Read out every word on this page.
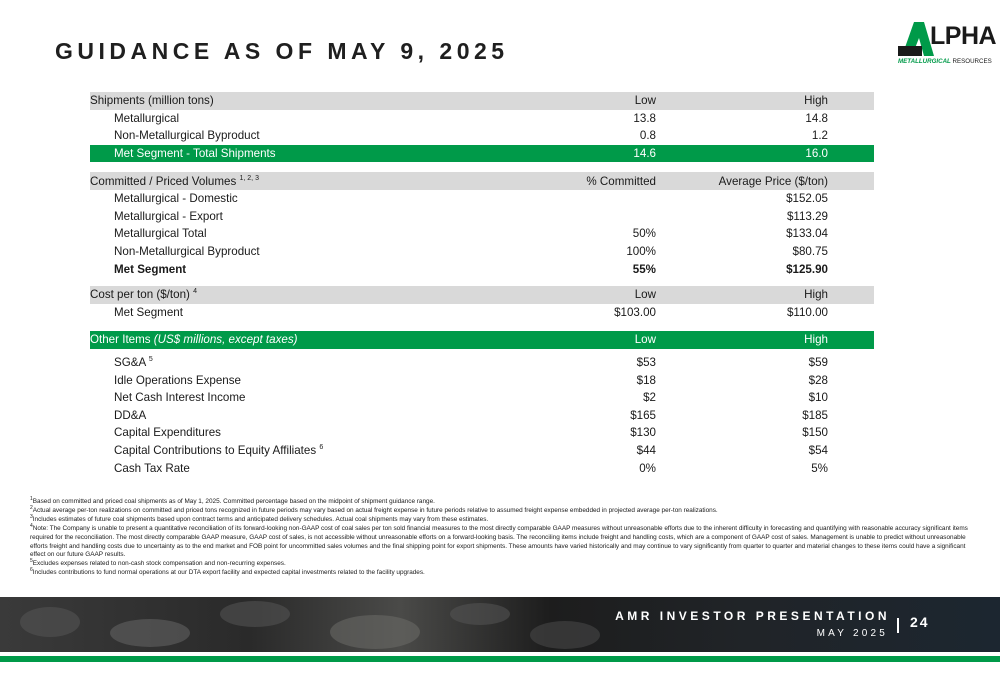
GUIDANCE AS OF MAY 9, 2025
LPHA
METALLURGICAL RESOURCES
Shipments (million tons)	Low	High	
Metallurgical	13.8	14.8	
Non-Metallurgical Byproduct	0.8	1.2	
Met Segment - Total Shipments	14.6	16.0	

Committed / Priced Volumes $^{1, 2, 3}$	% Committed	Average Price ($/ton)	
Metallurgical - Domestic		$152.05	
Metallurgical - Export		$113.29	
Metallurgical Total	50%	$133.04	
Non-Metallurgical Byproduct	100%	$80.75	
Met Segment	55%	$125.90	

Cost per ton ($/ton) $^4$	Low	High	
Met Segment	$103.00	$110.00	

Other Items (US$ millions, except taxes)	Low	High	

SG&A $^5$	$53	$59	
Idle Operations Expense	$18	$28	
Net Cash Interest Income	$2	$10	
DD&A	$165	$185	
Capital Expenditures	$130	$150	
Capital Contributions to Equity Affiliates $^6$	$44	$54	
Cash Tax Rate	0%	5%	
$^1$Based on committed and priced coal shipments as of May 1, 2025. Committed percentage based on the midpoint of shipment guidance range.
$^2$Actual average per-ton realizations on committed and priced tons recognized in future periods may vary based on actual freight expense in future periods relative to assumed freight expense embedded in projected average per-ton realizations.
$^3$Includes estimates of future coal shipments based upon contract terms and anticipated delivery schedules. Actual coal shipments may vary from these estimates.
$^4$Note: The Company is unable to present a quantitative reconciliation of its forward-looking non-GAAP cost of coal sales per ton sold financial measures to the most directly comparable GAAP measures without unreasonable efforts due to the inherent difficulty in forecasting and quantifying with reasonable accuracy significant items required for the reconciliation. The most directly comparable GAAP measure, GAAP cost of sales, is not accessible without unreasonable efforts on a forward-looking basis. The reconciling items include freight and handling costs, which are a component of GAAP cost of sales. Management is unable to predict without unreasonable efforts freight and handling costs due to uncertainty as to the end market and FOB point for uncommitted sales volumes and the final shipping point for export shipments. These amounts have varied historically and may continue to vary significantly from quarter to quarter and material changes to these items could have a significant effect on our future GAAP results.
$^5$Excludes expenses related to non-cash stock compensation and non-recurring expenses.
$^6$Includes contributions to fund normal operations at our DTA export facility and expected capital investments related to the facility upgrades.
AMR INVESTOR PRESENTATION
MAY 2025
24
